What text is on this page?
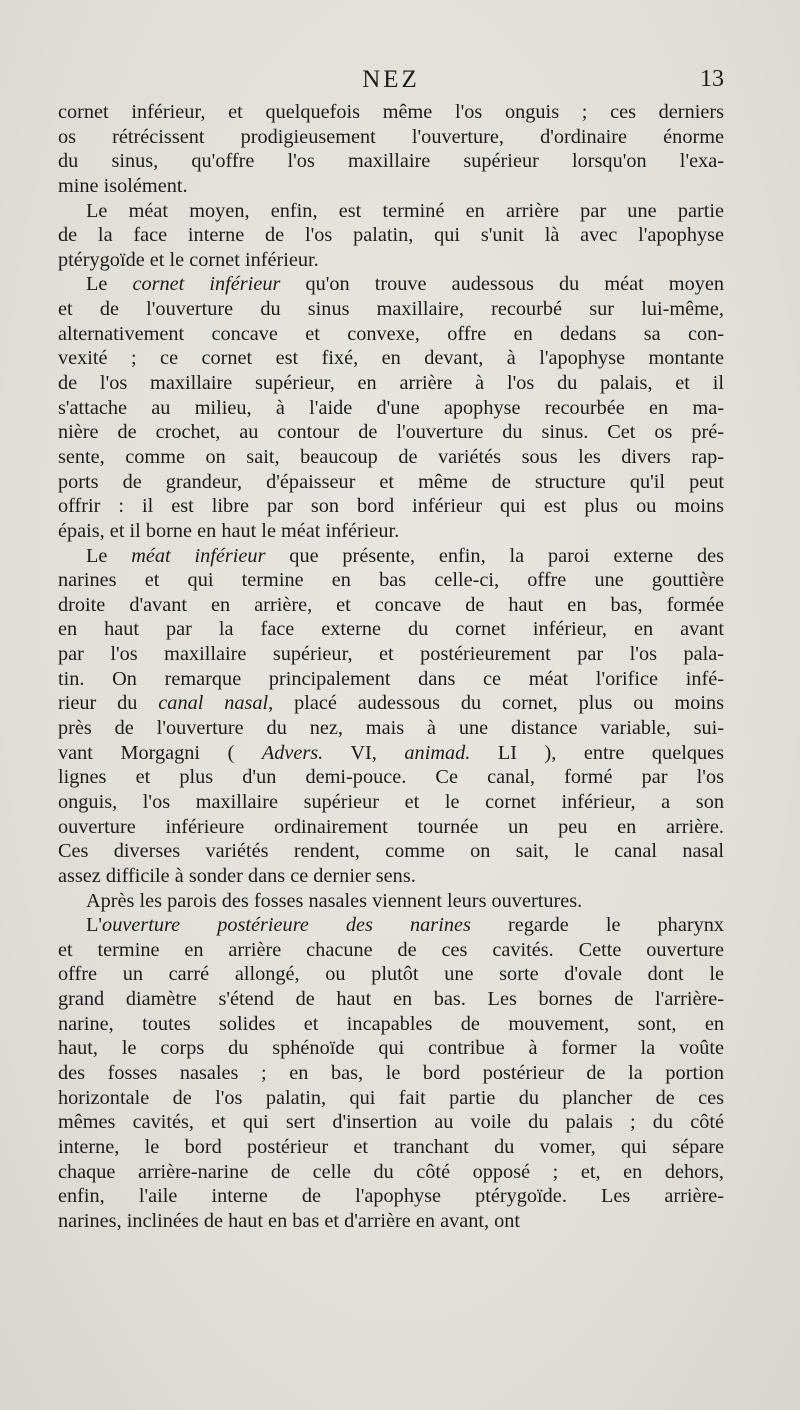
NEZ	13
cornet inférieur, et quelquefois même l'os onguis ; ces derniers
os rétrécissent prodigieusement l'ouverture, d'ordinaire énorme
du sinus, qu'offre l'os maxillaire supérieur lorsqu'on l'exa-
mine isolément.
Le méat moyen, enfin, est terminé en arrière par une partie
de la face interne de l'os palatin, qui s'unit là avec l'apophyse
ptérygoïde et le cornet inférieur.
Le cornet inférieur qu'on trouve audessous du méat moyen
et de l'ouverture du sinus maxillaire, recourbé sur lui-même,
alternativement concave et convexe, offre en dedans sa con-
vexité ; ce cornet est fixé, en devant, à l'apophyse montante
de l'os maxillaire supérieur, en arrière à l'os du palais, et il
s'attache au milieu, à l'aide d'une apophyse recourbée en ma-
nière de crochet, au contour de l'ouverture du sinus. Cet os pré-
sente, comme on sait, beaucoup de variétés sous les divers rap-
ports de grandeur, d'épaisseur et même de structure qu'il peut
offrir : il est libre par son bord inférieur qui est plus ou moins
épais, et il borne en haut le méat inférieur.
Le méat inférieur que présente, enfin, la paroi externe des
narines et qui termine en bas celle-ci, offre une gouttière
droite d'avant en arrière, et concave de haut en bas, formée
en haut par la face externe du cornet inférieur, en avant
par l'os maxillaire supérieur, et postérieurement par l'os pala-
tin. On remarque principalement dans ce méat l'orifice infé-
rieur du canal nasal, placé audessous du cornet, plus ou moins
près de l'ouverture du nez, mais à une distance variable, sui-
vant Morgagni ( Advers. VI, animad. LI ), entre quelques
lignes et plus d'un demi-pouce. Ce canal, formé par l'os
onguis, l'os maxillaire supérieur et le cornet inférieur, a son
ouverture inférieure ordinairement tournée un peu en arrière.
Ces diverses variétés rendent, comme on sait, le canal nasal
assez difficile à sonder dans ce dernier sens.
Après les parois des fosses nasales viennent leurs ouvertures.
L'ouverture postérieure des narines regarde le pharynx
et termine en arrière chacune de ces cavités. Cette ouverture
offre un carré allongé, ou plutôt une sorte d'ovale dont le
grand diamètre s'étend de haut en bas. Les bornes de l'arrière-
narine, toutes solides et incapables de mouvement, sont, en
haut, le corps du sphénoïde qui contribue à former la voûte
des fosses nasales ; en bas, le bord postérieur de la portion
horizontale de l'os palatin, qui fait partie du plancher de ces
mêmes cavités, et qui sert d'insertion au voile du palais ; du côté
interne, le bord postérieur et tranchant du vomer, qui sépare
chaque arrière-narine de celle du côté opposé ; et, en dehors,
enfin, l'aile interne de l'apophyse ptérygoïde. Les arrière-
narines, inclinées de haut en bas et d'arrière en avant, ont
